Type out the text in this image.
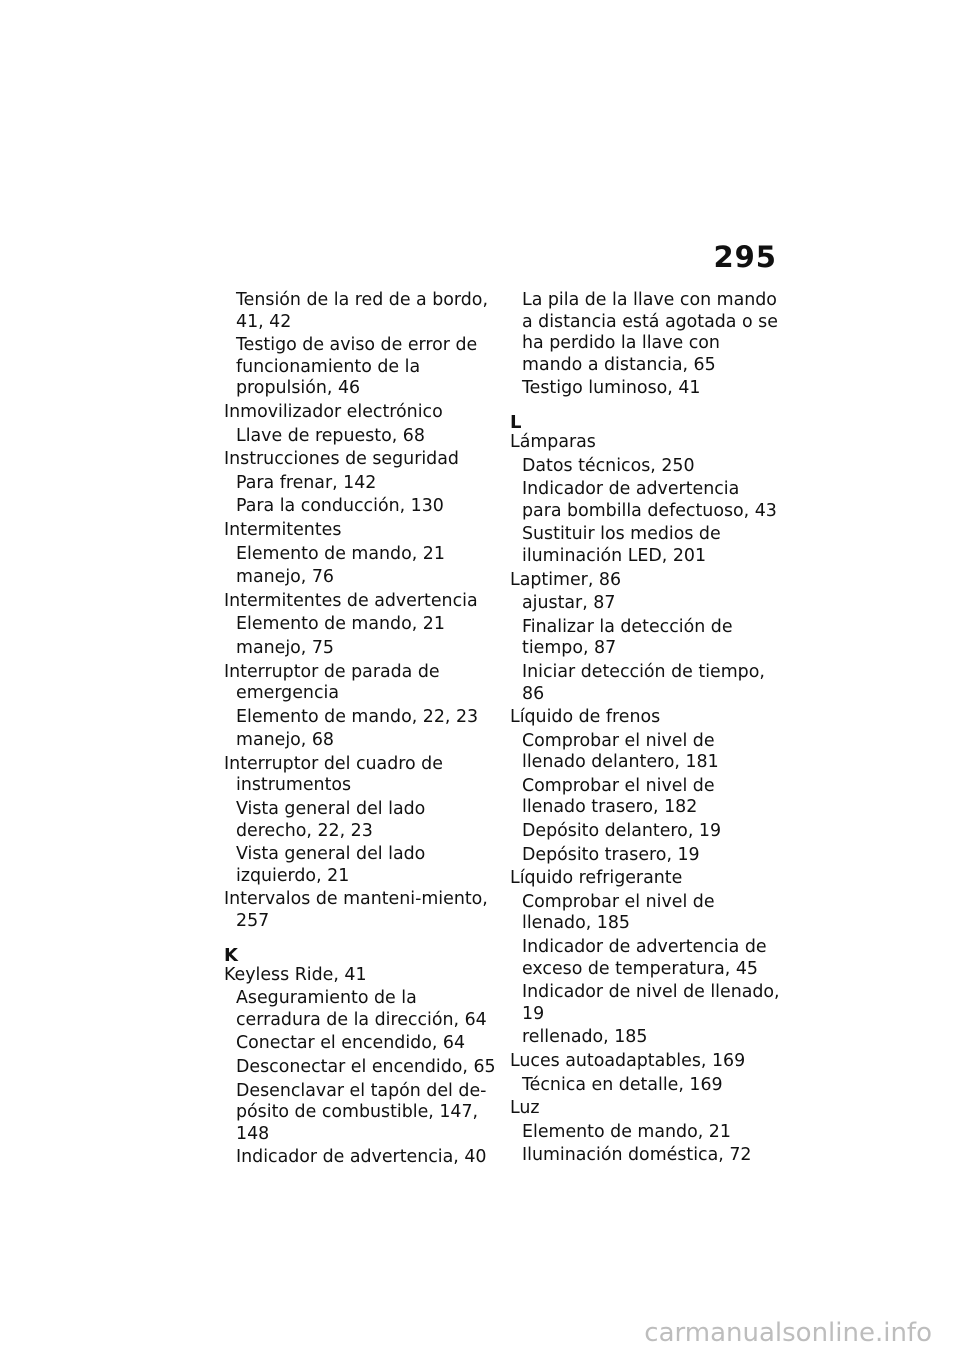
295

Tensión de la red de a bordo, 41, 42

Testigo de aviso de error de funcionamiento de la propulsión, 46

Inmovilizador electrónico

Llave de repuesto, 68

Instrucciones de seguridad

Para frenar, 142

Para la conducción, 130

Intermitentes

Elemento de mando, 21

manejo, 76

Intermitentes de advertencia

Elemento de mando, 21

manejo, 75

Interruptor de parada de emergencia

Elemento de mando, 22, 23

manejo, 68

Interruptor del cuadro de instrumentos

Vista general del lado derecho, 22, 23

Vista general del lado izquierdo, 21

Intervalos de manteni-miento, 257

K

Keyless Ride, 41

Aseguramiento de la cerradura de la dirección, 64

Conectar el encendido, 64

Desconectar el encendido, 65

Desenclavar el tapón del de-pósito de combustible, 147, 148

Indicador de advertencia, 40

La pila de la llave con mando a distancia está agotada o se ha perdido la llave con mando a distancia, 65

Testigo luminoso, 41

L

Lámparas

Datos técnicos, 250

Indicador de advertencia para bombilla defectuoso, 43

Sustituir los medios de iluminación LED, 201

Laptimer, 86

ajustar, 87

Finalizar la detección de tiempo, 87

Iniciar detección de tiempo, 86

Líquido de frenos

Comprobar el nivel de llenado delantero, 181

Comprobar el nivel de llenado trasero, 182

Depósito delantero, 19

Depósito trasero, 19

Líquido refrigerante

Comprobar el nivel de llenado, 185

Indicador de advertencia de exceso de temperatura, 45

Indicador de nivel de llenado, 19

rellenado, 185

Luces autoadaptables, 169

Técnica en detalle, 169

Luz

Elemento de mando, 21

Iluminación doméstica, 72

carmanualsonline.info
